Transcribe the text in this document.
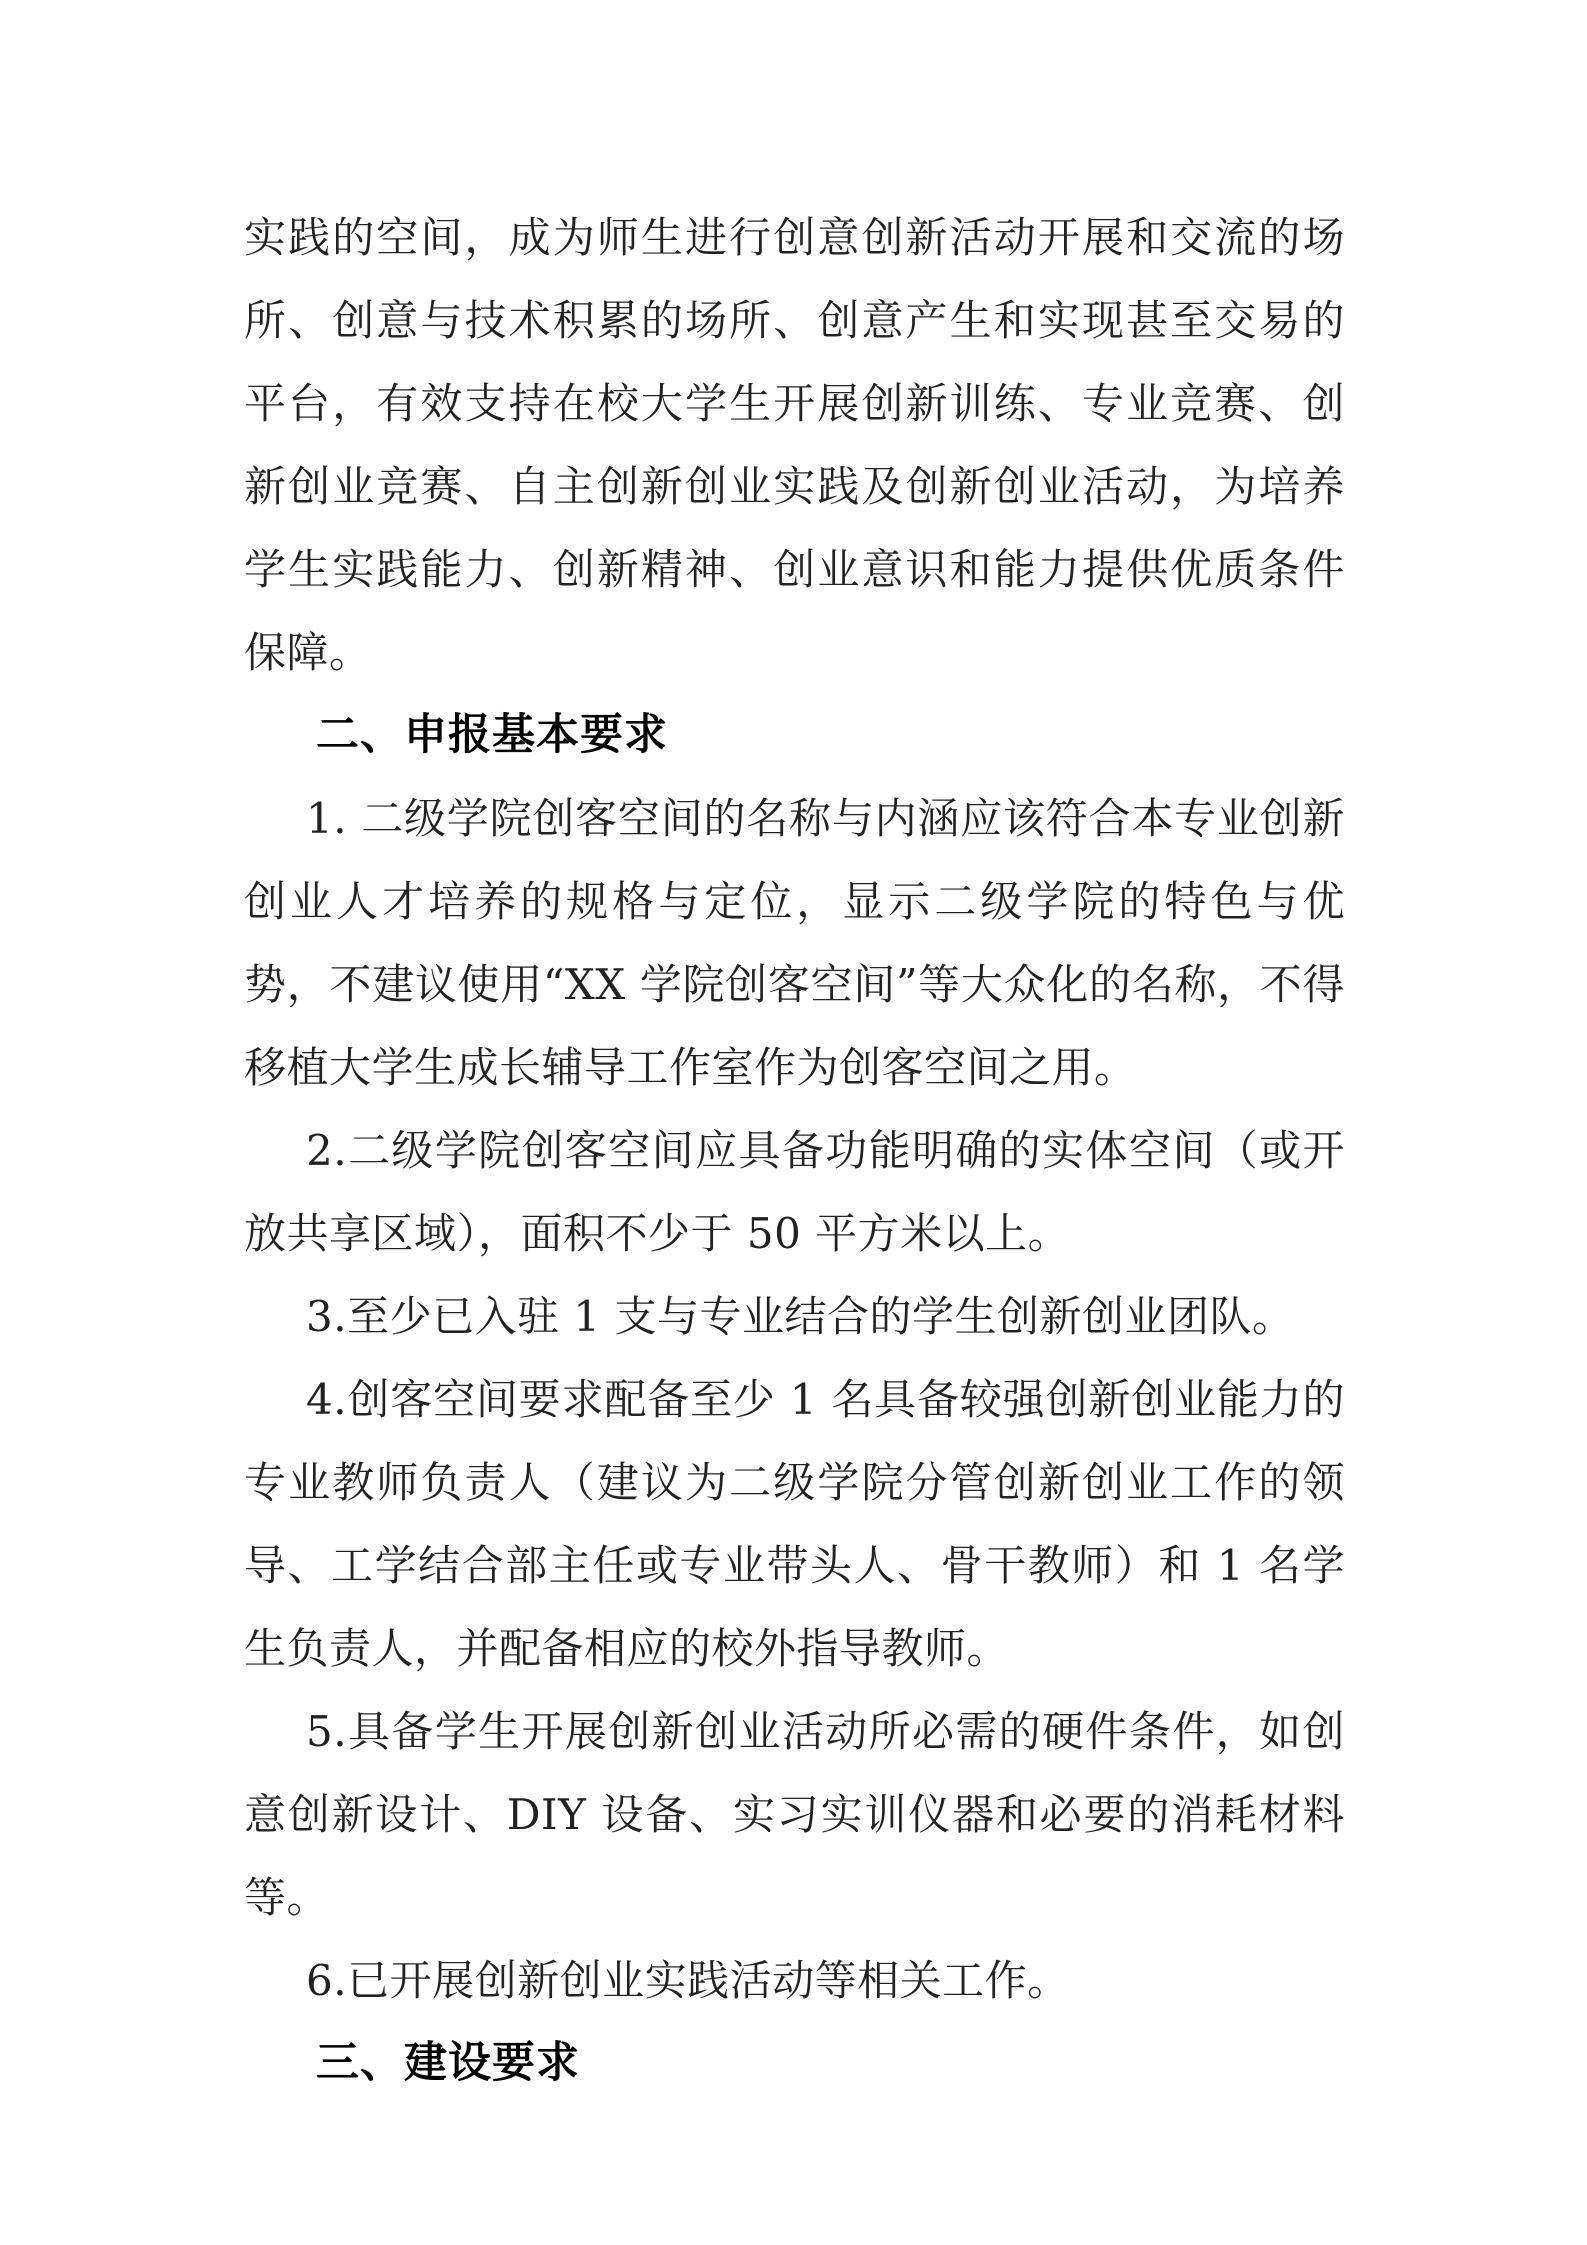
实践的空间，成为师生进行创意创新活动开展和交流的场所、创意与技术积累的场所、创意产生和实现甚至交易的平台，有效支持在校大学生开展创新训练、专业竞赛、创新创业竞赛、自主创新创业实践及创新创业活动，为培养学生实践能力、创新精神、创业意识和能力提供优质条件保障。

二、申报基本要求

1. 二级学院创客空间的名称与内涵应该符合本专业创新创业人才培养的规格与定位，显示二级学院的特色与优势，不建议使用“XX 学院创客空间”等大众化的名称，不得移植大学生成长辅导工作室作为创客空间之用。

2.二级学院创客空间应具备功能明确的实体空间（或开放共享区域），面积不少于 50 平方米以上。

3.至少已入驻 1 支与专业结合的学生创新创业团队。

4.创客空间要求配备至少 1 名具备较强创新创业能力的专业教师负责人（建议为二级学院分管创新创业工作的领导、工学结合部主任或专业带头人、骨干教师）和 1 名学生负责人，并配备相应的校外指导教师。

5.具备学生开展创新创业活动所必需的硬件条件，如创意创新设计、DIY 设备、实习实训仪器和必要的消耗材料等。

6.已开展创新创业实践活动等相关工作。

三、建设要求
